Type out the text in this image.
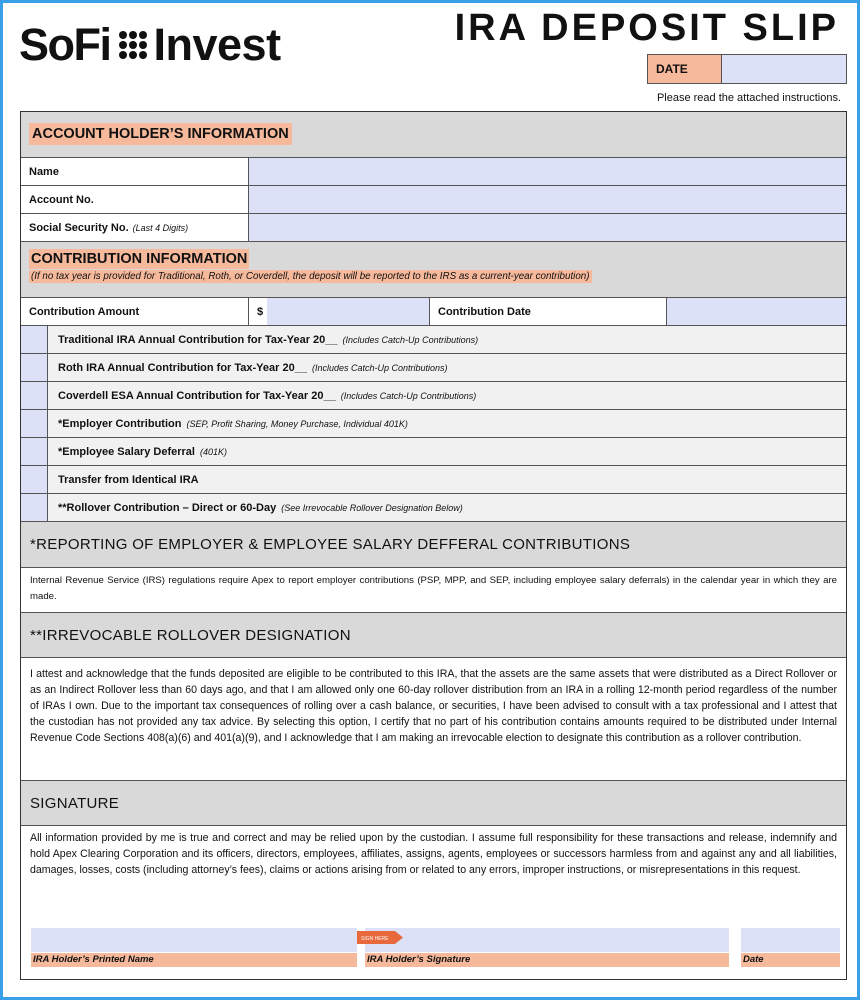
SoFi Invest	IRA DEPOSIT SLIP
DATE
Please read the attached instructions.
ACCOUNT HOLDER’S INFORMATION
Name
Account No.
Social Security No. (Last 4 Digits)
CONTRIBUTION INFORMATION
(If no tax year is provided for Traditional, Roth, or Coverdell, the deposit will be reported to the IRS as a current-year contribution)
Contribution Amount	$	Contribution Date
Traditional IRA Annual Contribution for Tax-Year 20__ (Includes Catch-Up Contributions)
Roth IRA Annual Contribution for Tax-Year 20__ (Includes Catch-Up Contributions)
Coverdell ESA Annual Contribution for Tax-Year 20__ (Includes Catch-Up Contributions)
*Employer Contribution (SEP, Profit Sharing, Money Purchase, Individual 401K)
*Employee Salary Deferral (401K)
Transfer from Identical IRA
**Rollover Contribution – Direct or 60-Day (See Irrevocable Rollover Designation Below)
*REPORTING OF EMPLOYER & EMPLOYEE SALARY DEFFERAL CONTRIBUTIONS
Internal Revenue Service (IRS) regulations require Apex to report employer contributions (PSP, MPP, and SEP, including employee salary deferrals) in the calendar year in which they are made.
**IRREVOCABLE ROLLOVER DESIGNATION
I attest and acknowledge that the funds deposited are eligible to be contributed to this IRA, that the assets are the same assets that were distributed as a Direct Rollover or as an Indirect Rollover less than 60 days ago, and that I am allowed only one 60-day rollover distribution from an IRA in a rolling 12-month period regardless of the number of IRAs I own. Due to the important tax consequences of rolling over a cash balance, or securities, I have been advised to consult with a tax professional and I attest that the custodian has not provided any tax advice. By selecting this option, I certify that no part of his contribution contains amounts required to be distributed under Internal Revenue Code Sections 408(a)(6) and 401(a)(9), and I acknowledge that I am making an irrevocable election to designate this contribution as a rollover contribution.
SIGNATURE
All information provided by me is true and correct and may be relied upon by the custodian. I assume full responsibility for these transactions and release, indemnify and hold Apex Clearing Corporation and its officers, directors, employees, affiliates, assigns, agents, employees or successors harmless from and against any and all liabilities, damages, losses, costs (including attorney’s fees), claims or actions arising from or related to any errors, improper instructions, or misrepresentations in this request.
SIGN HERE
IRA Holder’s Printed Name	IRA Holder’s Signature	Date
